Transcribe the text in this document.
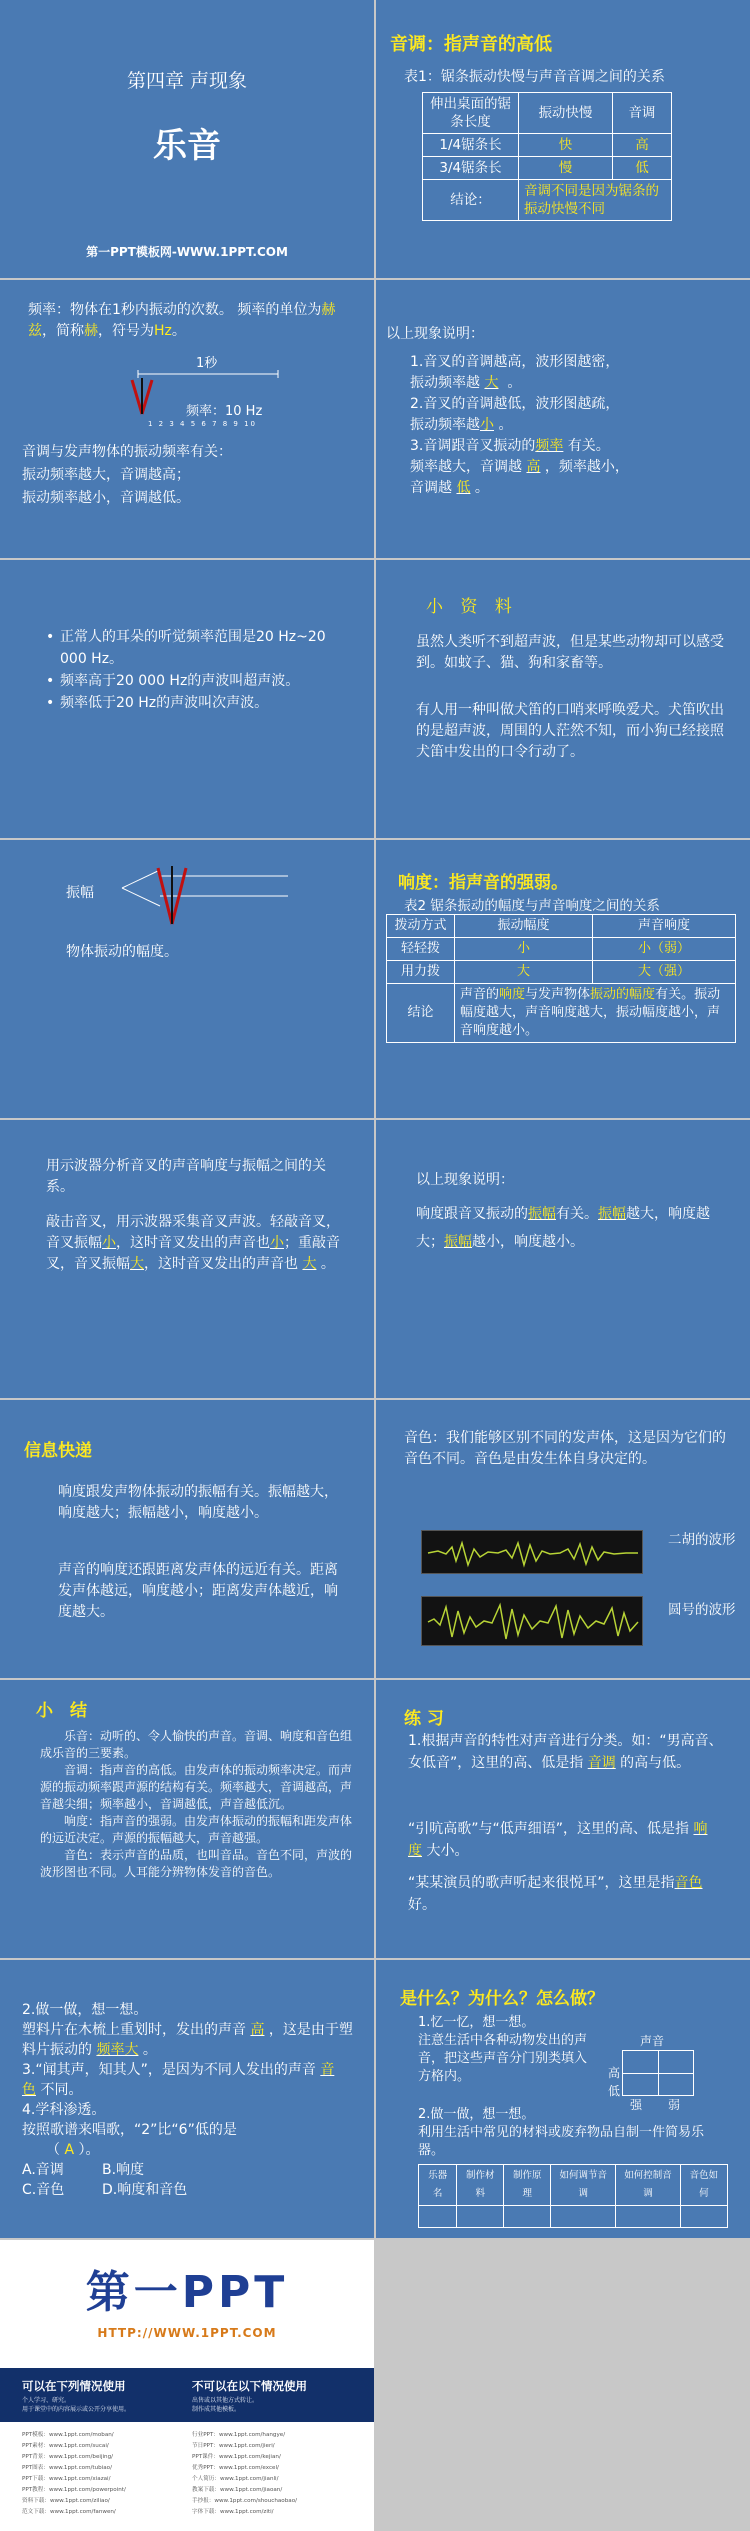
第四章 声现象
乐音
第一PPT模板网-WWW.1PPT.COM
音调：指声音的高低
表1：锯条振动快慢与声音音调之间的关系
伸出桌面的锯条长度	振动快慢	音调
1/4锯条长	快	高
3/4锯条长	慢	低
结论：	音调不同是因为锯条的振动快慢不同	

频率：物体在1秒内振动的次数。 频率的单位为赫兹，简称赫，符号为Hz。

1秒
频率：10 Hz
1 2 3 4 5 6 7 8 9 10

音调与发声物体的振动频率有关：

振动频率越大，音调越高；

振动频率越小，音调越低。

以上现象说明：

1.音叉的音调越高，波形图越密，

振动频率越 大 。

2.音叉的音调越低，波形图越疏，

振动频率越小 。

3.音调跟音叉振动的频率 有关。

频率越大，音调越 高 ，频率越小，

音调越 低 。

• 正常人的耳朵的听觉频率范围是20 Hz~20 000 Hz。
• 频率高于20 000 Hz的声波叫超声波。
• 频率低于20 Hz的声波叫次声波。
小 资 料

虽然人类听不到超声波，但是某些动物却可以感受到。如蚊子、猫、狗和家畜等。

有人用一种叫做犬笛的口哨来呼唤爱犬。犬笛吹出的是超声波，周围的人茫然不知，而小狗已经接照犬笛中发出的口令行动了。

振幅

物体振动的幅度。

响度：指声音的强弱。
表2 锯条振动的幅度与声音响度之间的关系
拨动方式	振动幅度	声音响度
轻轻拨	小	小（弱）
用力拨	大	大（强）
结论	声音的响度与发声物体振动的幅度有关。振动幅度越大，声音响度越大，振动幅度越小，声音响度越小。	

用示波器分析音叉的声音响度与振幅之间的关系。

敲击音叉，用示波器采集音叉声波。轻敲音叉，音叉振幅小，这时音叉发出的声音也小；重敲音叉，音叉振幅大，这时音叉发出的声音也 大 。

以上现象说明：

响度跟音叉振动的振幅有关。振幅越大，响度越大；振幅越小，响度越小。

信息快递

响度跟发声物体振动的振幅有关。振幅越大，响度越大；振幅越小，响度越小。

声音的响度还跟距离发声体的远近有关。距离发声体越远，响度越小；距离发声体越近，响度越大。

音色：我们能够区别不同的发声体，这是因为它们的音色不同。音色是由发生体自身决定的。

二胡的波形
圆号的波形
小　结
乐音：动听的、令人愉快的声音。音调、响度和音色组成乐音的三要素。
音调：指声音的高低。由发声体的振动频率决定。而声源的振动频率跟声源的结构有关。频率越大，音调越高，声音越尖细；频率越小，音调越低，声音越低沉。
响度：指声音的强弱。由发声体振动的振幅和距发声体的远近决定。声源的振幅越大，声音越强。
音色：表示声音的品质，也叫音品。音色不同，声波的波形图也不同。人耳能分辨物体发音的音色。
练 习

1.根据声音的特性对声音进行分类。如：“男高音、女低音”，这里的高、低是指 音调 的高与低。

“引吭高歌”与“低声细语”，这里的高、低是指 响度 大小。

“某某演员的歌声听起来很悦耳”，这里是指音色好。

2.做一做，想一想。
塑料片在木梳上重划时，发出的声音 高 ，这是由于塑料片振动的 频率大 。
3.“闻其声，知其人”，是因为不同人发出的声音 音色 不同。
4.学科渗透。
按照歌谱来唱歌，“2”比“6”低的是
（ A ）。
A.音调	B.响度
C.音色	D.响度和音色
是什么？为什么？怎么做？
1.忆一忆，想一想。
注意生活中各种动物发出的声音，把这些声音分门别类填入方格内。
声音
高
低
强 弱
2.做一做，想一想。
利用生活中常见的材料或废弃物品自制一件简易乐器。
乐器名	制作材料	制作原理	如何调节音调	如何控制音调	音色如何

第一PPT
HTTP://WWW.1PPT.COM
可以在下列情况使用	不可以在以下情况使用
个人学习、研究。
用于课堂中的内容展示或公开分享使用。
出售或以其他方式转让。
制作成其他模板。
PPT模板：www.1ppt.com/moban/
PPT素材：www.1ppt.com/sucai/
PPT背景：www.1ppt.com/beijing/
PPT图表：www.1ppt.com/tubiao/
PPT下载：www.1ppt.com/xiazai/
PPT教程：www.1ppt.com/powerpoint/
资料下载：www.1ppt.com/ziliao/
范文下载：www.1ppt.com/fanwen/
行业PPT：www.1ppt.com/hangye/
节日PPT：www.1ppt.com/jieri/
PPT课件：www.1ppt.com/kejian/
优秀PPT：www.1ppt.com/excel/
个人简历：www.1ppt.com/jianli/
教案下载：www.1ppt.com/jiaoan/
手抄报：www.1ppt.com/shouchaobao/
字体下载：www.1ppt.com/ziti/
